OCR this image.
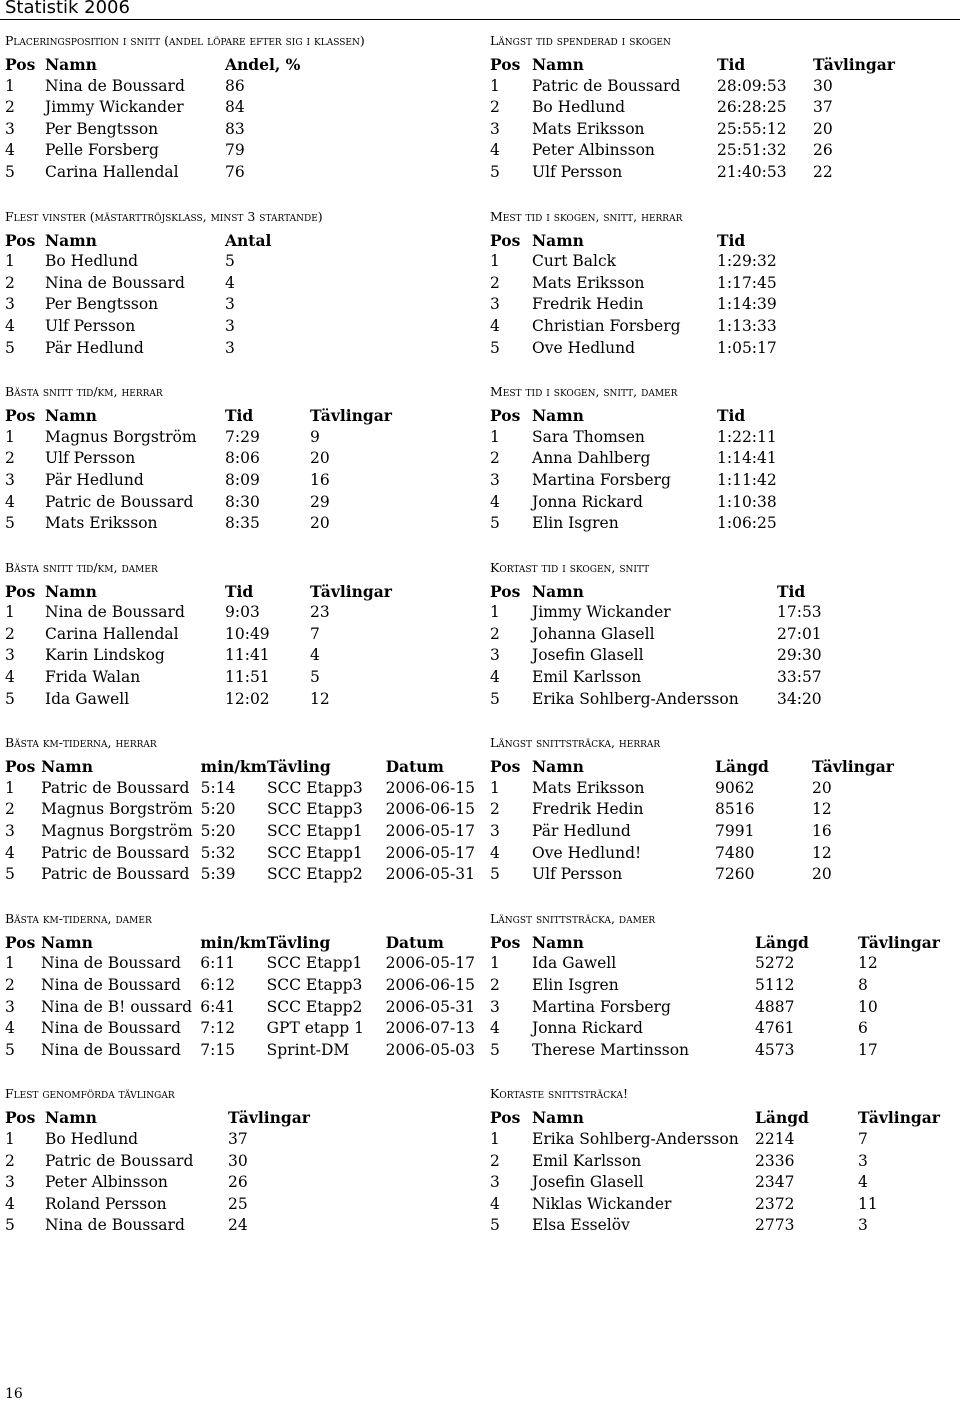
Statistik 2006
Placeringsposition i snitt (andel löpare efter sig i klassen)
Pos	Namn	Andel, %
1	Nina de Boussard	86
2	Jimmy Wickander	84
3	Per Bengtsson	83
4	Pelle Forsberg	79
5	Carina Hallendal	76
Flest vinster (mästarttröjsklass, minst 3 startande)
Pos	Namn	Antal
1	Bo Hedlund	5
2	Nina de Boussard	4
3	Per Bengtsson	3
4	Ulf Persson	3
5	Pär Hedlund	3
Bästa snitt tid/km, herrar
Pos	Namn	Tid	Tävlingar
1	Magnus Borgström	7:29	9
2	Ulf Persson	8:06	20
3	Pär Hedlund	8:09	16
4	Patric de Boussard	8:30	29
5	Mats Eriksson	8:35	20
Bästa snitt tid/km, damer
Pos	Namn	Tid	Tävlingar
1	Nina de Boussard	9:03	23
2	Carina Hallendal	10:49	7
3	Karin Lindskog	11:41	4
4	Frida Walan	11:51	5
5	Ida Gawell	12:02	12
Bästa km-tiderna, herrar
Pos	Namn	min/km	Tävling	Datum
1	Patric de Boussard	5:14	SCC Etapp3	2006-06-15
2	Magnus Borgström	5:20	SCC Etapp3	2006-06-15
3	Magnus Borgström	5:20	SCC Etapp1	2006-05-17
4	Patric de Boussard	5:32	SCC Etapp1	2006-05-17
5	Patric de Boussard	5:39	SCC Etapp2	2006-05-31
Bästa km-tiderna, damer
Pos	Namn	min/km	Tävling	Datum
1	Nina de Boussard	6:11	SCC Etapp1	2006-05-17
2	Nina de Boussard	6:12	SCC Etapp3	2006-06-15
3	Nina de B! oussard	6:41	SCC Etapp2	2006-05-31
4	Nina de Boussard	7:12	GPT etapp 1	2006-07-13
5	Nina de Boussard	7:15	Sprint-DM	2006-05-03
Flest genomförda tävlingar
Pos	Namn	Tävlingar
1	Bo Hedlund	37
2	Patric de Boussard	30
3	Peter Albinsson	26
4	Roland Persson	25
5	Nina de Boussard	24
Längst tid spenderad i skogen
Pos	Namn	Tid	Tävlingar
1	Patric de Boussard	28:09:53	30
2	Bo Hedlund	26:28:25	37
3	Mats Eriksson	25:55:12	20
4	Peter Albinsson	25:51:32	26
5	Ulf Persson	21:40:53	22
Mest tid i skogen, snitt, herrar
Pos	Namn	Tid
1	Curt Balck	1:29:32
2	Mats Eriksson	1:17:45
3	Fredrik Hedin	1:14:39
4	Christian Forsberg	1:13:33
5	Ove Hedlund	1:05:17
Mest tid i skogen, snitt, damer
Pos	Namn	Tid
1	Sara Thomsen	1:22:11
2	Anna Dahlberg	1:14:41
3	Martina Forsberg	1:11:42
4	Jonna Rickard	1:10:38
5	Elin Isgren	1:06:25
Kortast tid i skogen, snitt
Pos	Namn	Tid
1	Jimmy Wickander	17:53
2	Johanna Glasell	27:01
3	Josefin Glasell	29:30
4	Emil Karlsson	33:57
5	Erika Sohlberg-Andersson	34:20
Längst snittsträcka, herrar
Pos	Namn	Längd	Tävlingar
1	Mats Eriksson	9062	20
2	Fredrik Hedin	8516	12
3	Pär Hedlund	7991	16
4	Ove Hedlund!	7480	12
5	Ulf Persson	7260	20
Längst snittsträcka, damer
Pos	Namn	Längd	Tävlingar
1	Ida Gawell	5272	12
2	Elin Isgren	5112	8
3	Martina Forsberg	4887	10
4	Jonna Rickard	4761	6
5	Therese Martinsson	4573	17
Kortaste snittsträcka!
Pos	Namn	Längd	Tävlingar
1	Erika Sohlberg-Andersson	2214	7
2	Emil Karlsson	2336	3
3	Josefin Glasell	2347	4
4	Niklas Wickander	2372	11
5	Elsa Esselöv	2773	3
16
